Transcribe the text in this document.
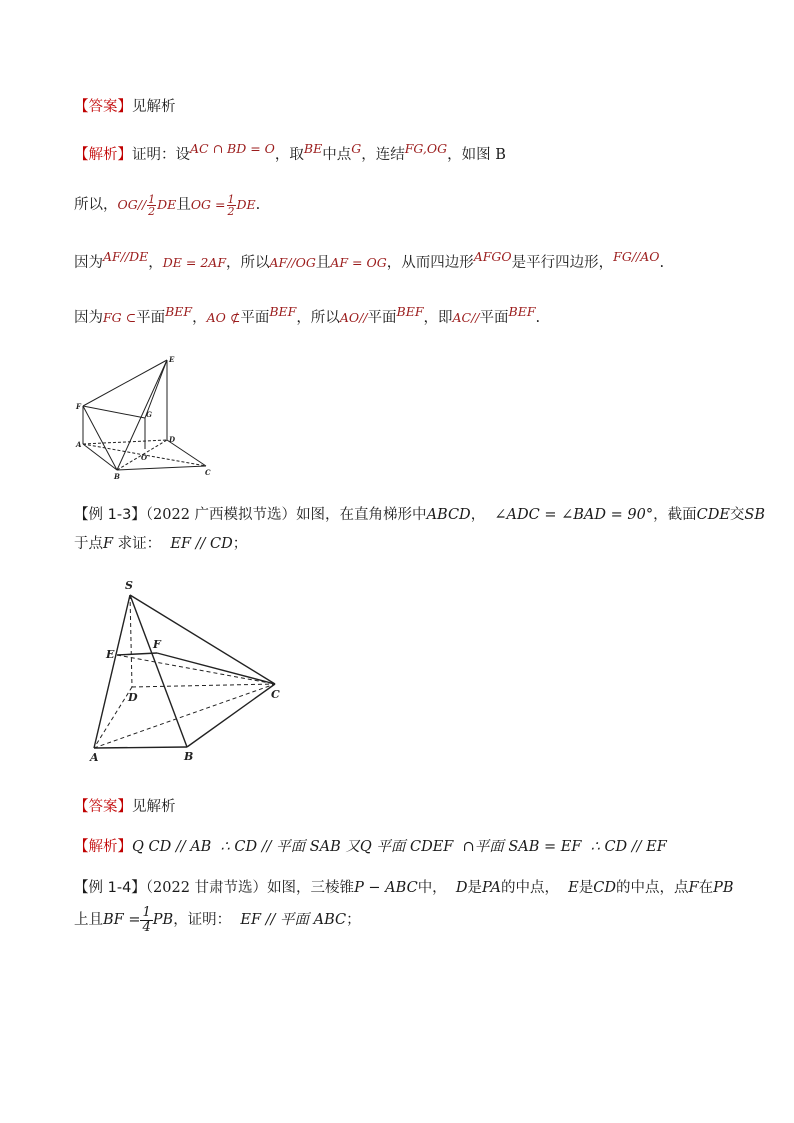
【答案】见解析
【解析】证明：设AC ∩ BD = O，取BE中点G，连结FG,OG，如图 B
所以，$OG// \frac{1}{2}$ DE且OG = $\frac{1}{2}$ DE.
因为AF//DE，DE = 2AF，所以AF//OG且AF = OG，从而四边形AFGO是平行四边形，FG//AO.
因为FG ⊂平面BEF，AO ⊄平面BEF，所以AO//平面BEF，即AC//平面BEF.
E
F
G
A
D
O
B	C
【例 1-3】（2022 广西模拟节选）如图，在直角梯形中ABCD， ∠ADC = ∠BAD = 90°，截面CDE交SB
于点F 求证： EF // CD；
S
F
E
D	C
A	B
【答案】见解析
【解析】Q CD // AB  ∴ CD // 平面 SAB 又Q 平面 CDEF  ∩平面 SAB = EF  ∴ CD // EF
【例 1-4】（2022 甘肃节选）如图，三棱锥P − ABC中， D是PA的中点， E是CD的中点，点F在PB
上且BF = $\frac{1}{4}$ PB，证明： EF // 平面 ABC；
